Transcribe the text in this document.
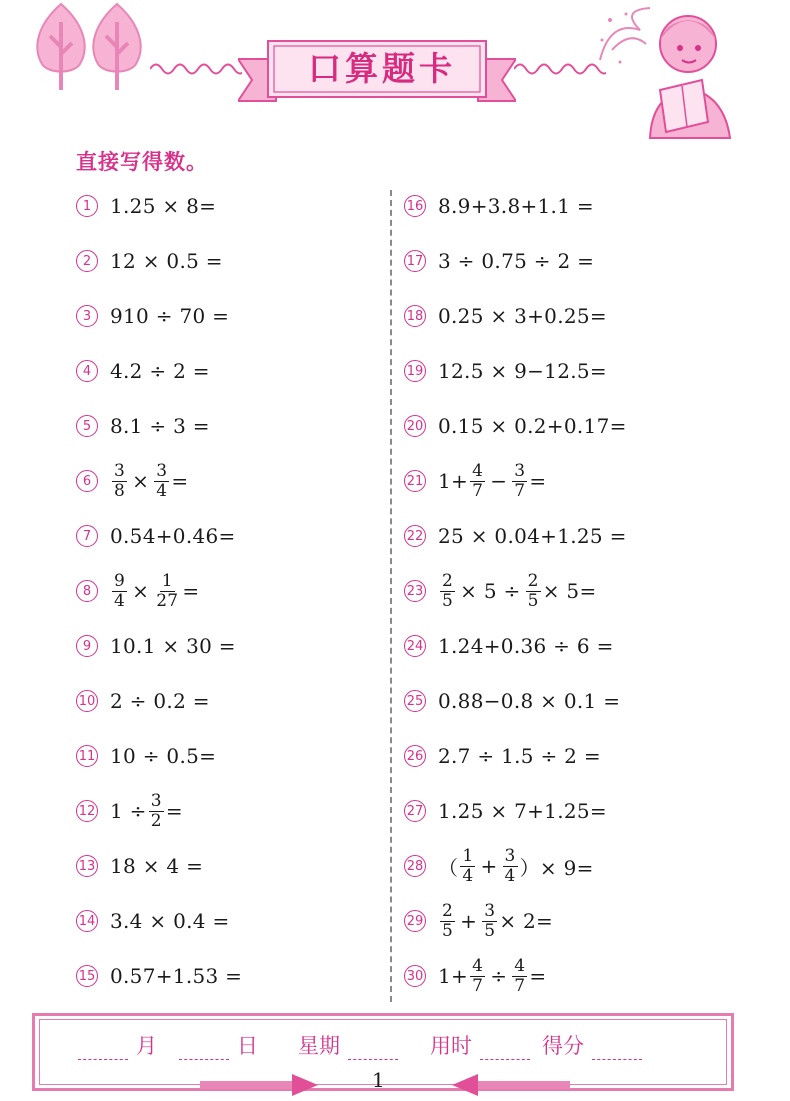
口算题卡
直接写得数。
1 1.25 × 8=
2 12 × 0.5 =
3 910 ÷ 70 =
4 4.2 ÷ 2 =
5 8.1 ÷ 3 =
6	$\frac{3}{8} \times \frac{3}{4}$ =
7 0.54+0.46=
8	$\frac{9}{4} \times \frac{1}{27}$ =
9 10.1 × 30 =
10 2 ÷ 0.2 =
11 10 ÷ 0.5=
12 $1 \div \frac{3}{2}$ =
13 18 × 4 =
14 3.4 × 0.4 =
15 0.57+1.53 =
16 8.9+3.8+1.1 =
17 3 ÷ 0.75 ÷ 2 =
18 0.25 × 3+0.25=
19 12.5 × 9−12.5=
20 0.15 × 0.2+0.17=
21 $1+ \frac{4}{7} - \frac{3}{7}$ =
22 25 × 0.04+1.25 =
$23 \frac{2}{5} \times 5 \div \frac{2}{5} \times 5=$
24 1.24+0.36 ÷ 6 =
25 0.88−0.8 × 0.1 =
26 2.7 ÷ 1.5 ÷ 2 =
27 1.25 × 7+1.25=
28 （ $\frac{1}{4} + \frac{3}{4}$ ）× 9=
$29 \frac{2}{5} + \frac{3}{5} \times 2=$
30 $1+ \frac{4}{7} \div \frac{4}{7}$ =
月	日 星期	用时	得分
1
